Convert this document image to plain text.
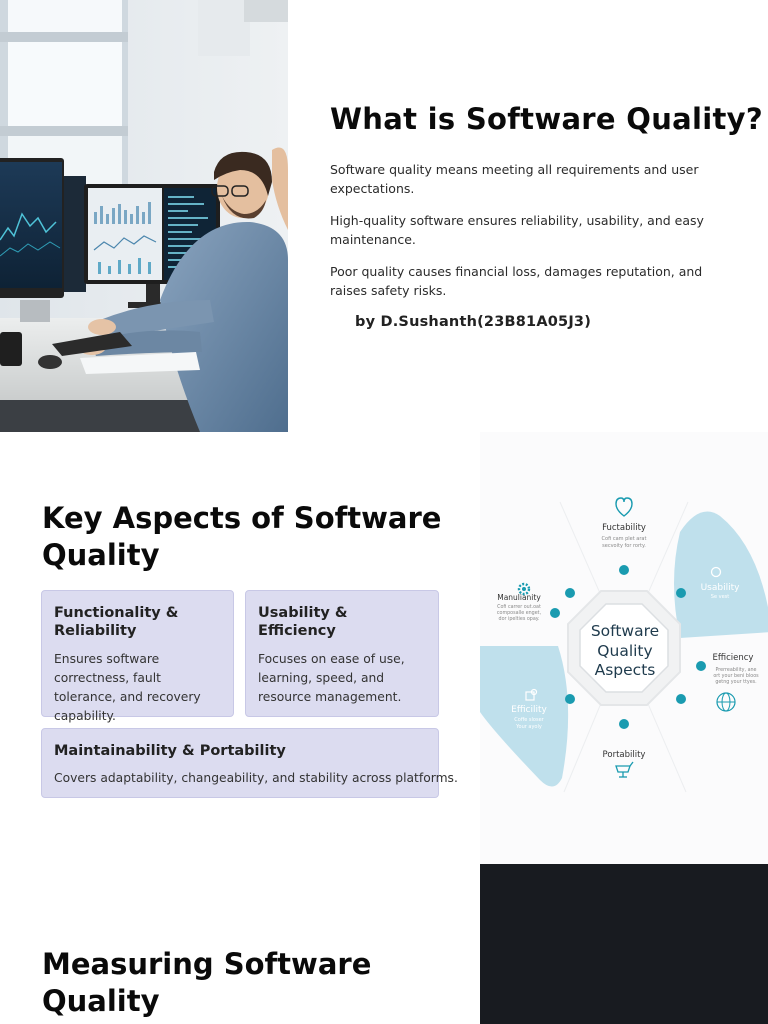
What is Software Quality?

Software quality means meeting all requirements and user expectations.

High-quality software ensures reliability, usability, and easy maintenance.

Poor quality causes financial loss, damages reputation, and raises safety risks.

by D.Sushanth(23B81A05J3)
Key Aspects of Software Quality
Functionality & Reliability
Ensures software correctness, fault tolerance, and recovery capability.
Usability & Efficiency
Focuses on ease of use, learning, speed, and resource management.
Maintainability & Portability
Covers adaptability, changeability, and stability across platforms.
Software
Quality
Aspects
Fuctability
Cofi cam plet arat
secvoity for rorty.
Usability
Se vest
Manulianity
Cofi carrer out.oat
composalle enget,
dor ipelties opay.
Efficiency
Prerreability, ane
ort your beni bloos
getng your ttyes.
Efficility
Coffe sloser
Your ayoly
Portability
Measuring Software Quality
